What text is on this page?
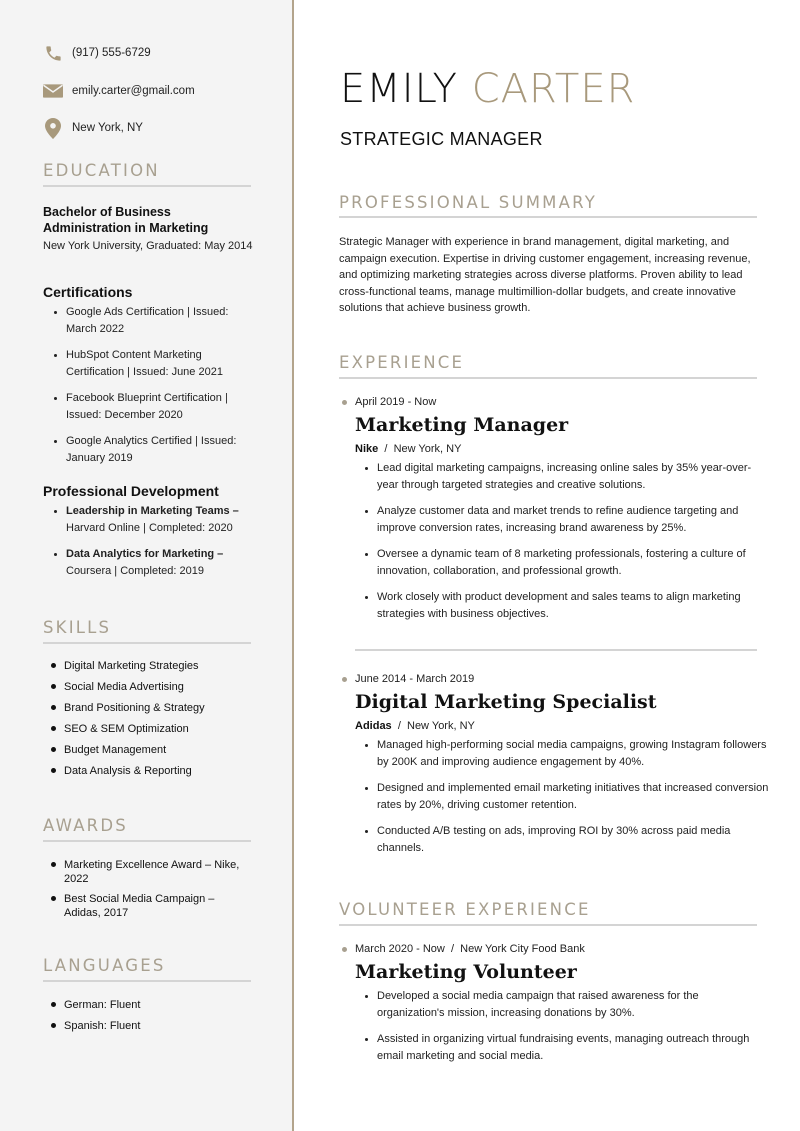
(917) 555-6729
emily.carter@gmail.com
New York, NY
EDUCATION
Bachelor of Business Administration in Marketing
New York University, Graduated: May 2014
Certifications
Google Ads Certification | Issued: March 2022
HubSpot Content Marketing Certification | Issued: June 2021
Facebook Blueprint Certification | Issued: December 2020
Google Analytics Certified | Issued: January 2019
Professional Development
Leadership in Marketing Teams –
Harvard Online | Completed: 2020
Data Analytics for Marketing –
Coursera | Completed: 2019
SKILLS
Digital Marketing Strategies
Social Media Advertising
Brand Positioning & Strategy
SEO & SEM Optimization
Budget Management
Data Analysis & Reporting
AWARDS
Marketing Excellence Award – Nike, 2022
Best Social Media Campaign – Adidas, 2017
LANGUAGES
German: Fluent
Spanish: Fluent
EMILY CARTER
STRATEGIC MANAGER
PROFESSIONAL SUMMARY
Strategic Manager with experience in brand management, digital marketing, and campaign execution. Expertise in driving customer engagement, increasing revenue, and optimizing marketing strategies across diverse platforms. Proven ability to lead cross-functional teams, manage multimillion-dollar budgets, and create innovative solutions that achieve business growth.
EXPERIENCE
April 2019 - Now
Marketing Manager
Nike / New York, NY
Lead digital marketing campaigns, increasing online sales by 35% year-over-year through targeted strategies and creative solutions.
Analyze customer data and market trends to refine audience targeting and improve conversion rates, increasing brand awareness by 25%.
Oversee a dynamic team of 8 marketing professionals, fostering a culture of innovation, collaboration, and professional growth.
Work closely with product development and sales teams to align marketing strategies with business objectives.
June 2014 - March 2019
Digital Marketing Specialist
Adidas / New York, NY
Managed high-performing social media campaigns, growing Instagram followers by 200K and improving audience engagement by 40%.
Designed and implemented email marketing initiatives that increased conversion rates by 20%, driving customer retention.
Conducted A/B testing on ads, improving ROI by 30% across paid media channels.
VOLUNTEER EXPERIENCE
March 2020 - Now  /  New York City Food Bank
Marketing Volunteer
Developed a social media campaign that raised awareness for the organization's mission, increasing donations by 30%.
Assisted in organizing virtual fundraising events, managing outreach through email marketing and social media.
